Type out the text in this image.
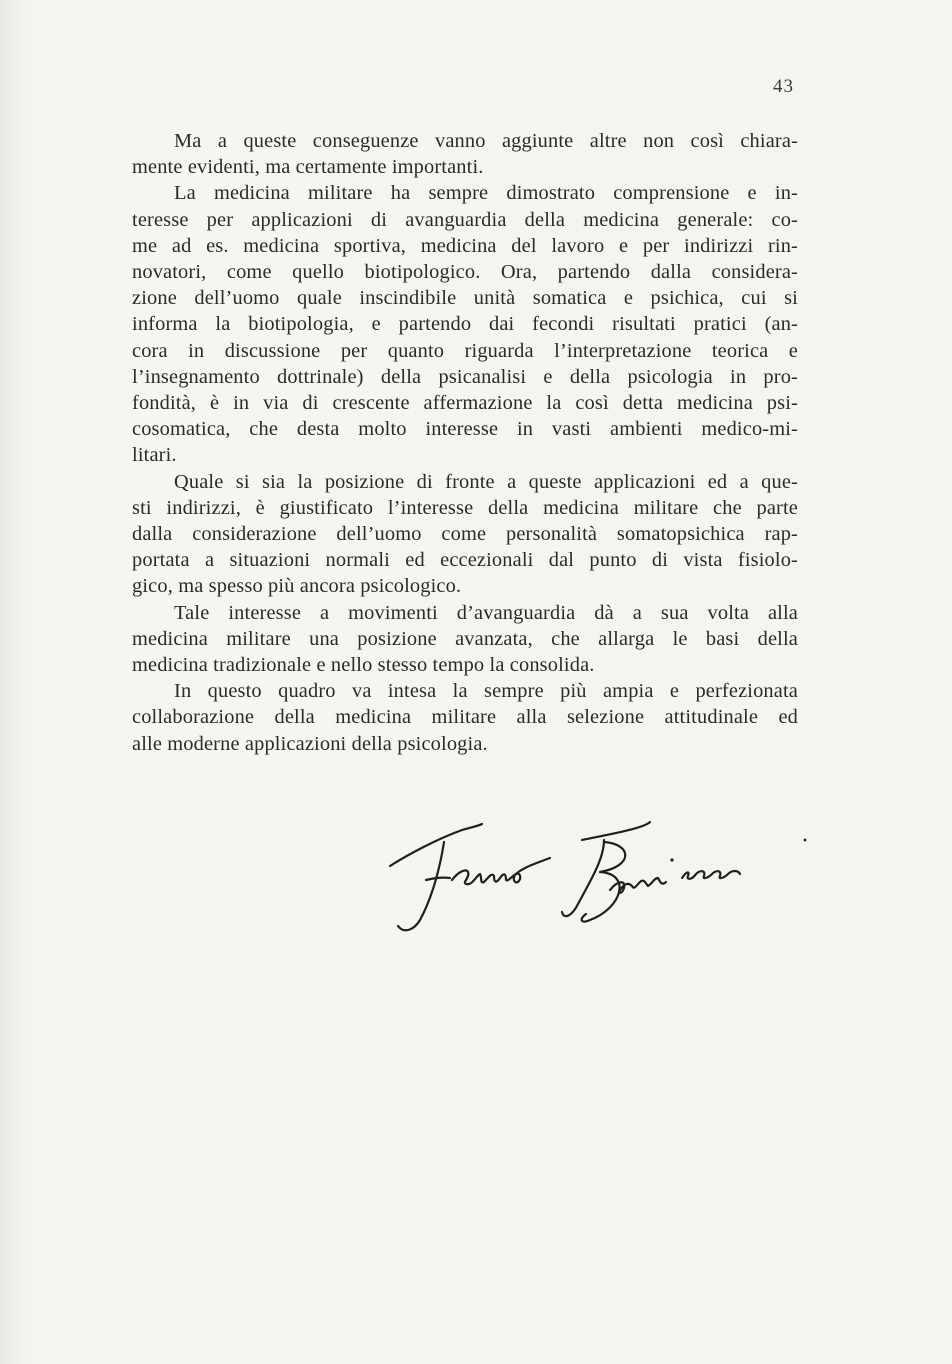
43
Ma a queste conseguenze vanno aggiunte altre non così chiara-
mente evidenti, ma certamente importanti.
La medicina militare ha sempre dimostrato comprensione e in-
teresse per applicazioni di avanguardia della medicina generale: co-
me ad es. medicina sportiva, medicina del lavoro e per indirizzi rin-
novatori, come quello biotipologico. Ora, partendo dalla considera-
zione dell’uomo quale inscindibile unità somatica e psichica, cui si
informa la biotipologia, e partendo dai fecondi risultati pratici (an-
cora in discussione per quanto riguarda l’interpretazione teorica e
l’insegnamento dottrinale) della psicanalisi e della psicologia in pro-
fondità, è in via di crescente affermazione la così detta medicina psi-
cosomatica, che desta molto interesse in vasti ambienti medico-mi-
litari.
Quale si sia la posizione di fronte a queste applicazioni ed a que-
sti indirizzi, è giustificato l’interesse della medicina militare che parte
dalla considerazione dell’uomo come personalità somatopsichica rap-
portata a situazioni normali ed eccezionali dal punto di vista fisiolo-
gico, ma spesso più ancora psicologico.
Tale interesse a movimenti d’avanguardia dà a sua volta alla
medicina militare una posizione avanzata, che allarga le basi della
medicina tradizionale e nello stesso tempo la consolida.
In questo quadro va intesa la sempre più ampia e perfezionata
collaborazione della medicina militare alla selezione attitudinale ed
alle moderne applicazioni della psicologia.
